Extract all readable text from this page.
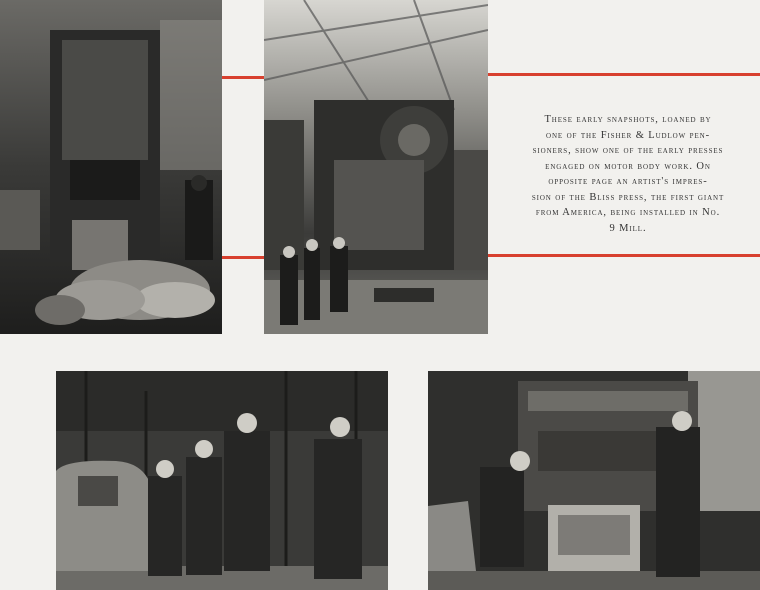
These early snapshots, loaned by
one of the Fisher & Ludlow pen-
sioners, show one of the early presses
engaged on motor body work. On
opposite page an artist's impres-
sion of the Bliss press, the first giant
from America, being installed in No.
9 Mill.
